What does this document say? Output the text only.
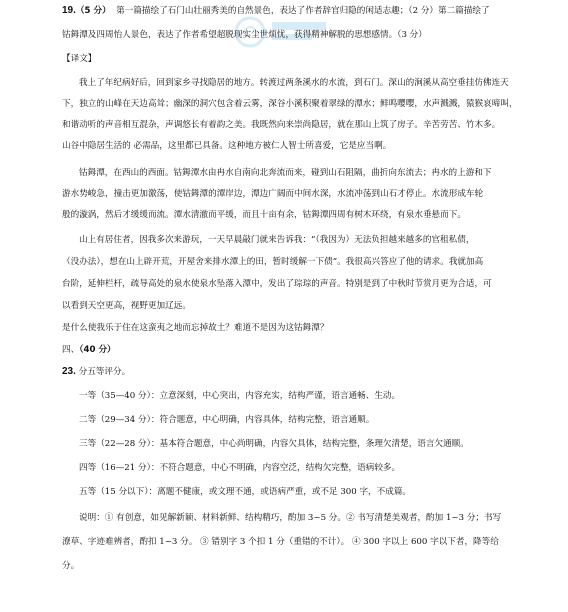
19.（5 分） 第一篇描绘了石门山壮丽秀美的自然景色，表达了作者辞官归隐的闲适志趣；（2 分）第二篇描绘了
钴鉧潭及四周怡人景色，表达了作者希望超脱现实尘世烦忧，获得精神解脱的思想感情。（3 分）
【译文】
我上了年纪病好后，回到家乡寻找隐居的地方。转渡过两条溪水的水流，到石门。深山的涧溪从高空垂挂仿佛连天
下，独立的山峰在天边高耸；幽深的洞穴包含着云雾，深谷小溪积聚着翠绿的潭水；鲜鸣嘤嘤，水声溅溅，猿猴哀啼叫，
和谐动听的声音相互混杂，声调悠长有着韵之美。我既然向来崇尚隐居，就在那山上筑了房子。辛苦劳苦、竹木多。
山谷中隐居生活的 必需品，这里都已具备。这种地方被仁人智士所喜爱，它是应当啊。
钴鉧潭，在西山的西面。钴鉧潭水由冉水自南向北奔流而来，碰到山石阻隔，曲折向东流去；冉水的上游和下
游水势峻急，撞击更加激荡，使钴鉧潭的潭岸边，潭边广阔而中间水深，水流冲荡到山石才停止。水流形成车轮
般的漩涡，然后才缓缓而流。潭水清澈而平缓，而且十亩有余，钴鉧潭四周有树木环绕，有泉水垂悬而下。
山上有居住者，因我多次来游玩，一天早晨敲门就来告诉我：“（我因为）无法负担越来越多的官租私债，
（没办法），想在山上辟开荒，开屋舍来排水潭上的田，暂时缓解一下债”。我很高兴答应了他的请求。我就加高
台阶，延伸栏杆，疏导高处的泉水使泉水坠落入潭中，发出了琮琮的声音。特别是到了中秋时节赏月更为合适，可
以看到天空更高，视野更加辽远。
是什么使我乐于住在这蛮夷之地而忘掉故土？难道不是因为这钴鉧潭？
四、（40 分）
23. 分五等评分。
一等（35—40 分）：立意深刻，中心突出，内容充实，结构严谨，语言通畅、生动。
二等（29—34 分）：符合题意，中心明确，内容具体，结构完整，语言通顺。
三等（22—28 分）：基本符合题意，中心尚明确，内容欠具体，结构完整，条理欠清楚，语言欠通顺。
四等（16—21 分）：不符合题意，中心不明确，内容空泛，结构欠完整，语病较多。
五等（15 分以下）：离题不健康，或文理不通，或语病严重，或不足 300 字，不成篇。
说明：① 有创意，如见解新颖、材料新鲜、结构精巧，酌加 3~5 分。② 书写清楚美观者，酌加 1~3 分；书写
潦草、字迹难辨者，酌扣 1~3 分。 ③ 错别字 3 个扣 1 分（重错的不计）。 ④ 300 字以上 600 字以下者，降等给
分。
